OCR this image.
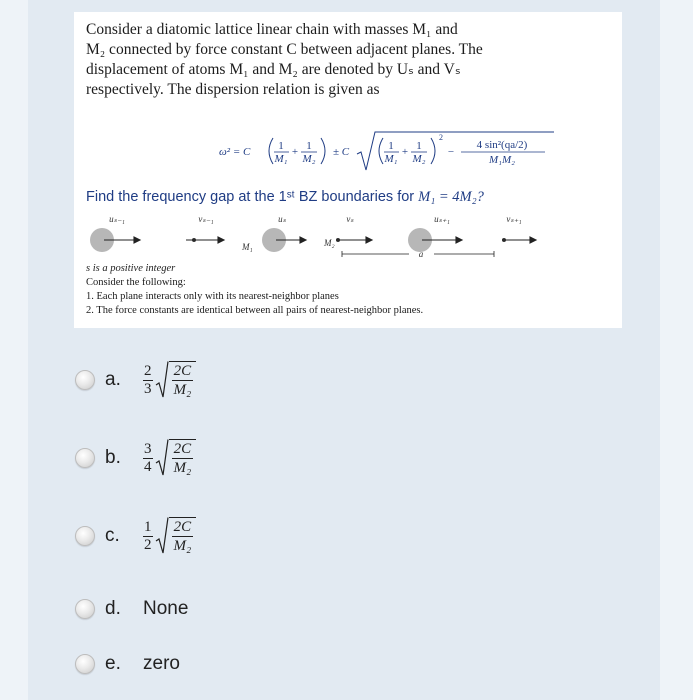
Consider a diatomic lattice linear chain with masses M₁ and
M₂ connected by force constant C between adjacent planes. The
displacement of atoms M₁ and M₂ are denoted by Uₛ and Vₛ
respectively. The dispersion relation is given as

ω² = C	1
M₁
+ 1
M₂
± C	1
M₁
+ 1
M₂
2
−
4 sin²(qa/2)
M₁M₂
Find the frequency gap at the 1ˢᵗ BZ boundaries for M₁ = 4M₂?
uₛ₋₁	vₛ₋₁	uₛ	vₛ	uₛ₊₁	vₛ₊₁
M₁	M₂
a

s is a positive integer

Consider the following:

1. Each plane interacts only with its nearest-neighbor planes

2. The force constants are identical between all pairs of nearest-neighbor planes.

a.	$\frac{2}{3} \frac{2C}{\text{M₂}}$
b.	$\frac{3}{4} \frac{2C}{\text{M₂}}$
c.	$\frac{1}{2} \frac{2C}{\text{M₂}}$
d.	None
e.	zero
